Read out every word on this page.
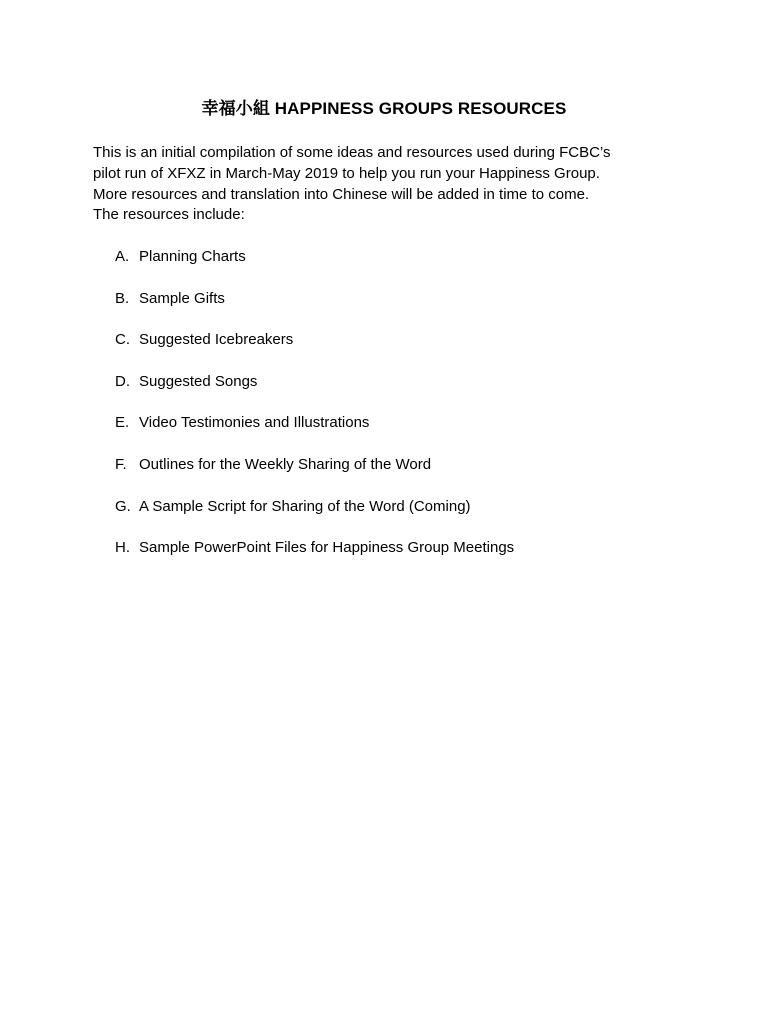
幸福小組 HAPPINESS GROUPS RESOURCES
This is an initial compilation of some ideas and resources used during FCBC’s
pilot run of XFXZ in March-May 2019 to help you run your Happiness Group.
More resources and translation into Chinese will be added in time to come.
The resources include:
A. Planning Charts
B. Sample Gifts
C. Suggested Icebreakers
D. Suggested Songs
E. Video Testimonies and Illustrations
F. Outlines for the Weekly Sharing of the Word
G. A Sample Script for Sharing of the Word (Coming)
H. Sample PowerPoint Files for Happiness Group Meetings
